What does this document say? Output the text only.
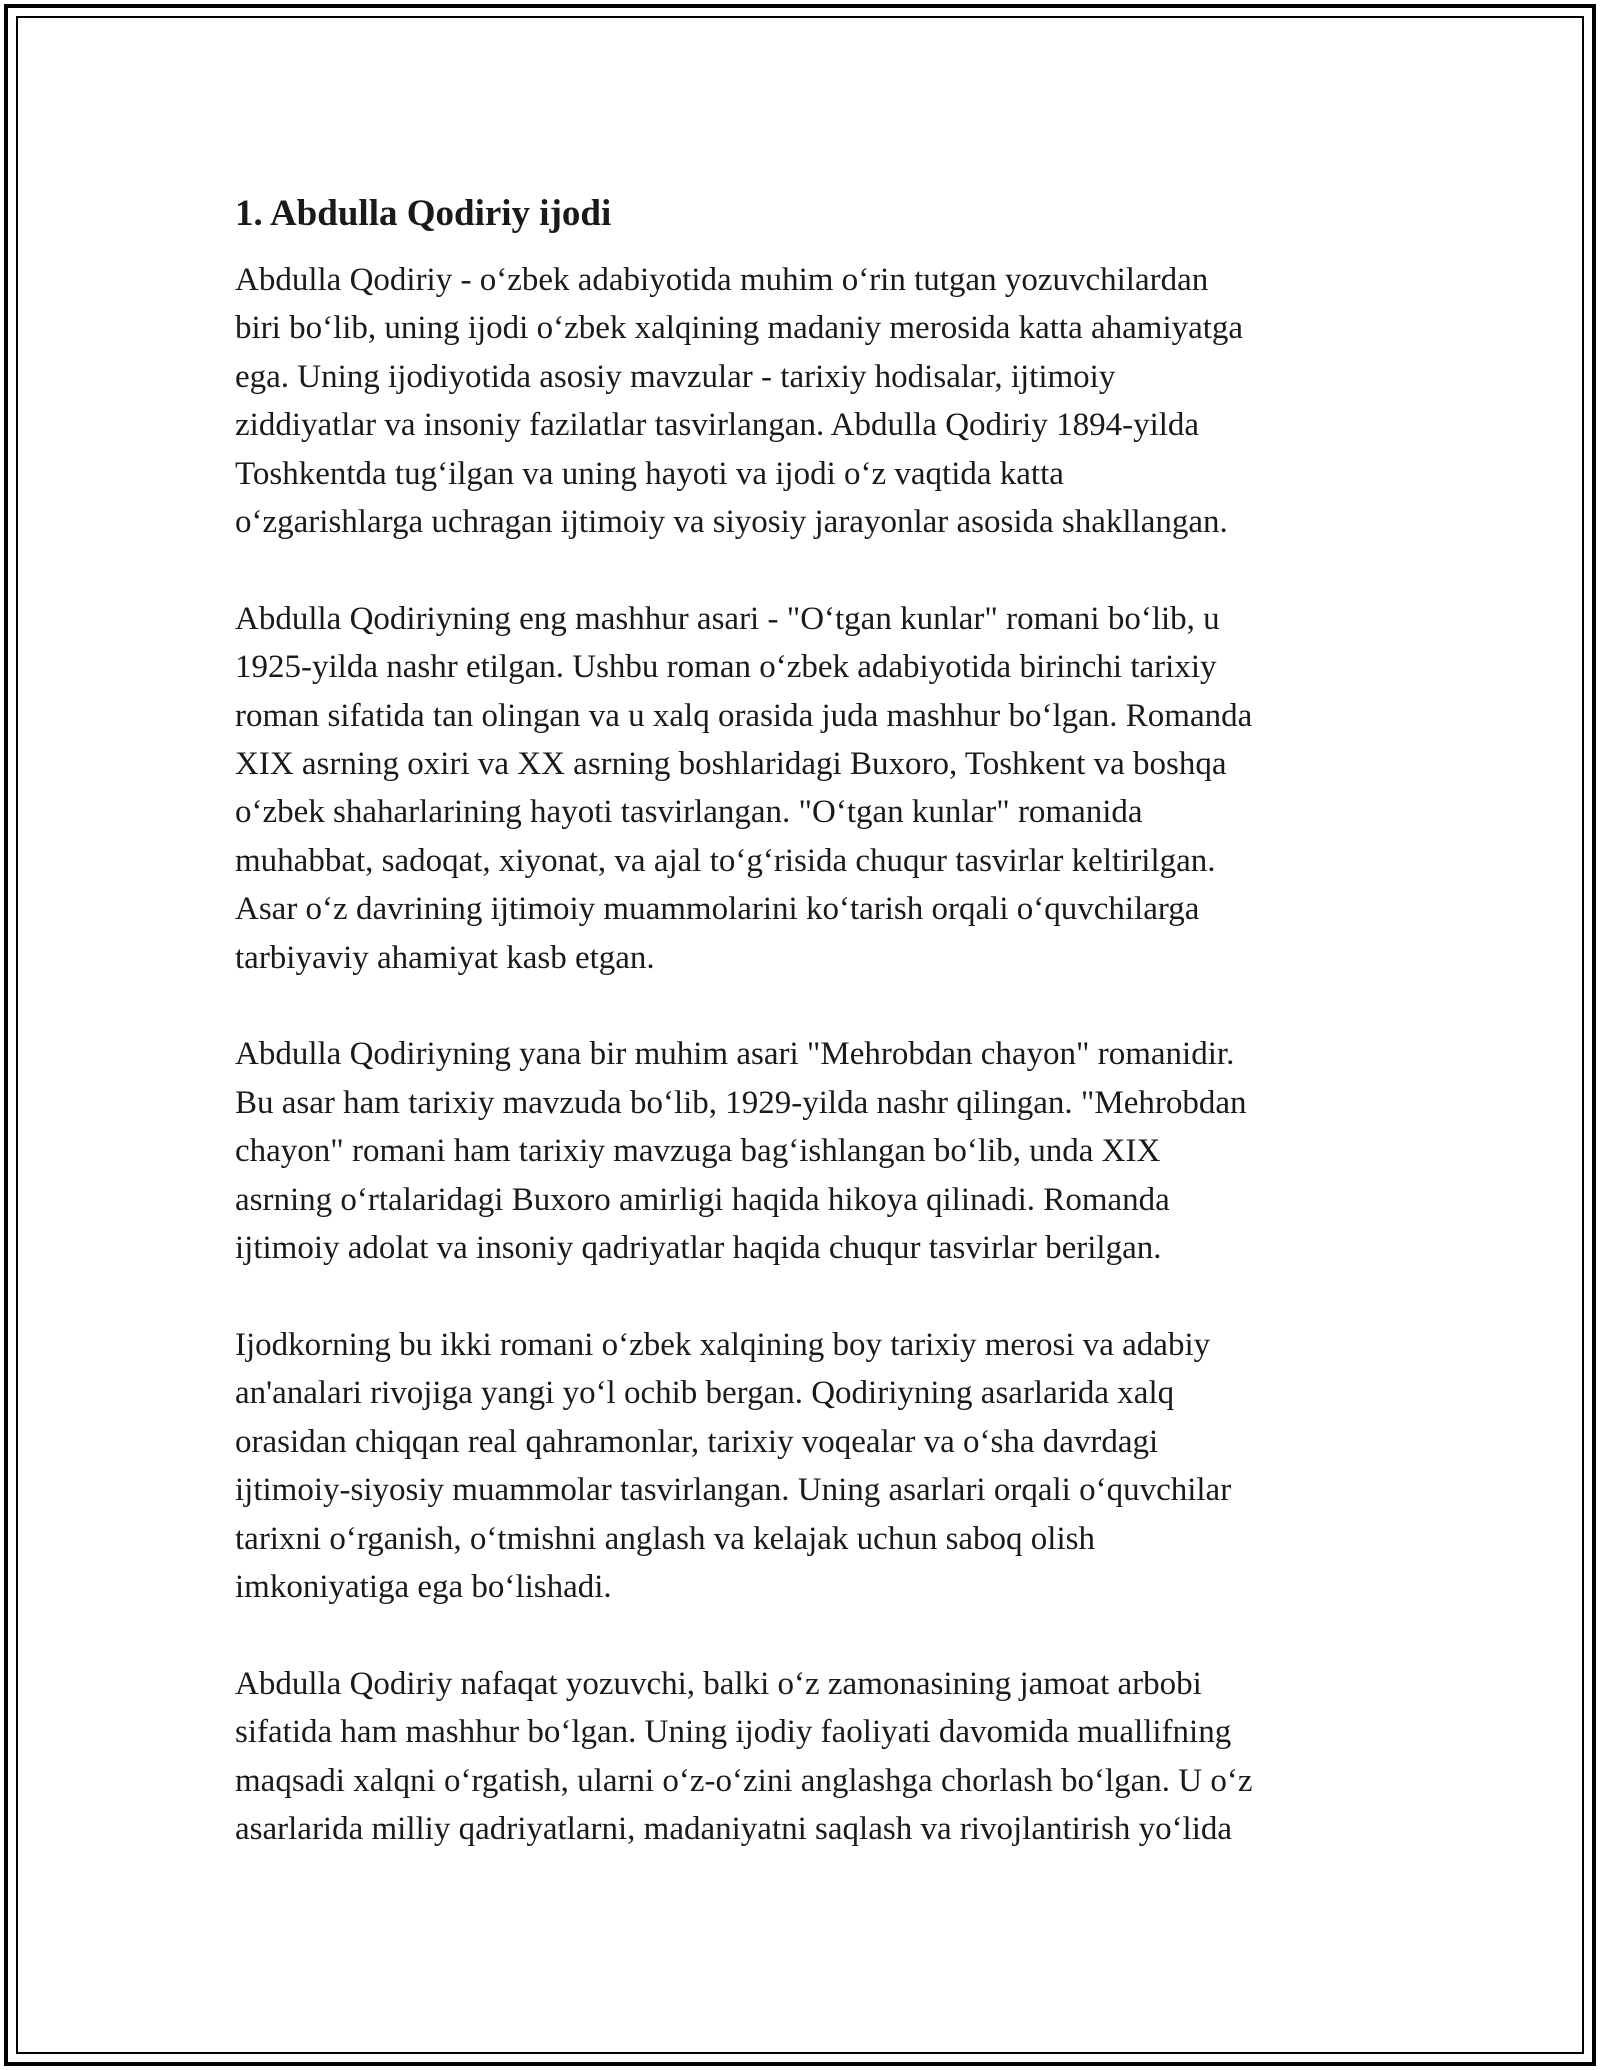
1. Abdulla Qodiriy ijodi

Abdulla Qodiriy - o‘zbek adabiyotida muhim o‘rin tutgan yozuvchilardan
biri bo‘lib, uning ijodi o‘zbek xalqining madaniy merosida katta ahamiyatga
ega. Uning ijodiyotida asosiy mavzular - tarixiy hodisalar, ijtimoiy
ziddiyatlar va insoniy fazilatlar tasvirlangan. Abdulla Qodiriy 1894-yilda
Toshkentda tug‘ilgan va uning hayoti va ijodi o‘z vaqtida katta
o‘zgarishlarga uchragan ijtimoiy va siyosiy jarayonlar asosida shakllangan.

Abdulla Qodiriyning eng mashhur asari - "O‘tgan kunlar" romani bo‘lib, u
1925-yilda nashr etilgan. Ushbu roman o‘zbek adabiyotida birinchi tarixiy
roman sifatida tan olingan va u xalq orasida juda mashhur bo‘lgan. Romanda
XIX asrning oxiri va XX asrning boshlaridagi Buxoro, Toshkent va boshqa
o‘zbek shaharlarining hayoti tasvirlangan. "O‘tgan kunlar" romanida
muhabbat, sadoqat, xiyonat, va ajal to‘g‘risida chuqur tasvirlar keltirilgan.
Asar o‘z davrining ijtimoiy muammolarini ko‘tarish orqali o‘quvchilarga
tarbiyaviy ahamiyat kasb etgan.

Abdulla Qodiriyning yana bir muhim asari "Mehrobdan chayon" romanidir.
Bu asar ham tarixiy mavzuda bo‘lib, 1929-yilda nashr qilingan. "Mehrobdan
chayon" romani ham tarixiy mavzuga bag‘ishlangan bo‘lib, unda XIX
asrning o‘rtalaridagi Buxoro amirligi haqida hikoya qilinadi. Romanda
ijtimoiy adolat va insoniy qadriyatlar haqida chuqur tasvirlar berilgan.

Ijodkorning bu ikki romani o‘zbek xalqining boy tarixiy merosi va adabiy
an'analari rivojiga yangi yo‘l ochib bergan. Qodiriyning asarlarida xalq
orasidan chiqqan real qahramonlar, tarixiy voqealar va o‘sha davrdagi
ijtimoiy-siyosiy muammolar tasvirlangan. Uning asarlari orqali o‘quvchilar
tarixni o‘rganish, o‘tmishni anglash va kelajak uchun saboq olish
imkoniyatiga ega bo‘lishadi.

Abdulla Qodiriy nafaqat yozuvchi, balki o‘z zamonasining jamoat arbobi
sifatida ham mashhur bo‘lgan. Uning ijodiy faoliyati davomida muallifning
maqsadi xalqni o‘rgatish, ularni o‘z-o‘zini anglashga chorlash bo‘lgan. U o‘z
asarlarida milliy qadriyatlarni, madaniyatni saqlash va rivojlantirish yo‘lida
